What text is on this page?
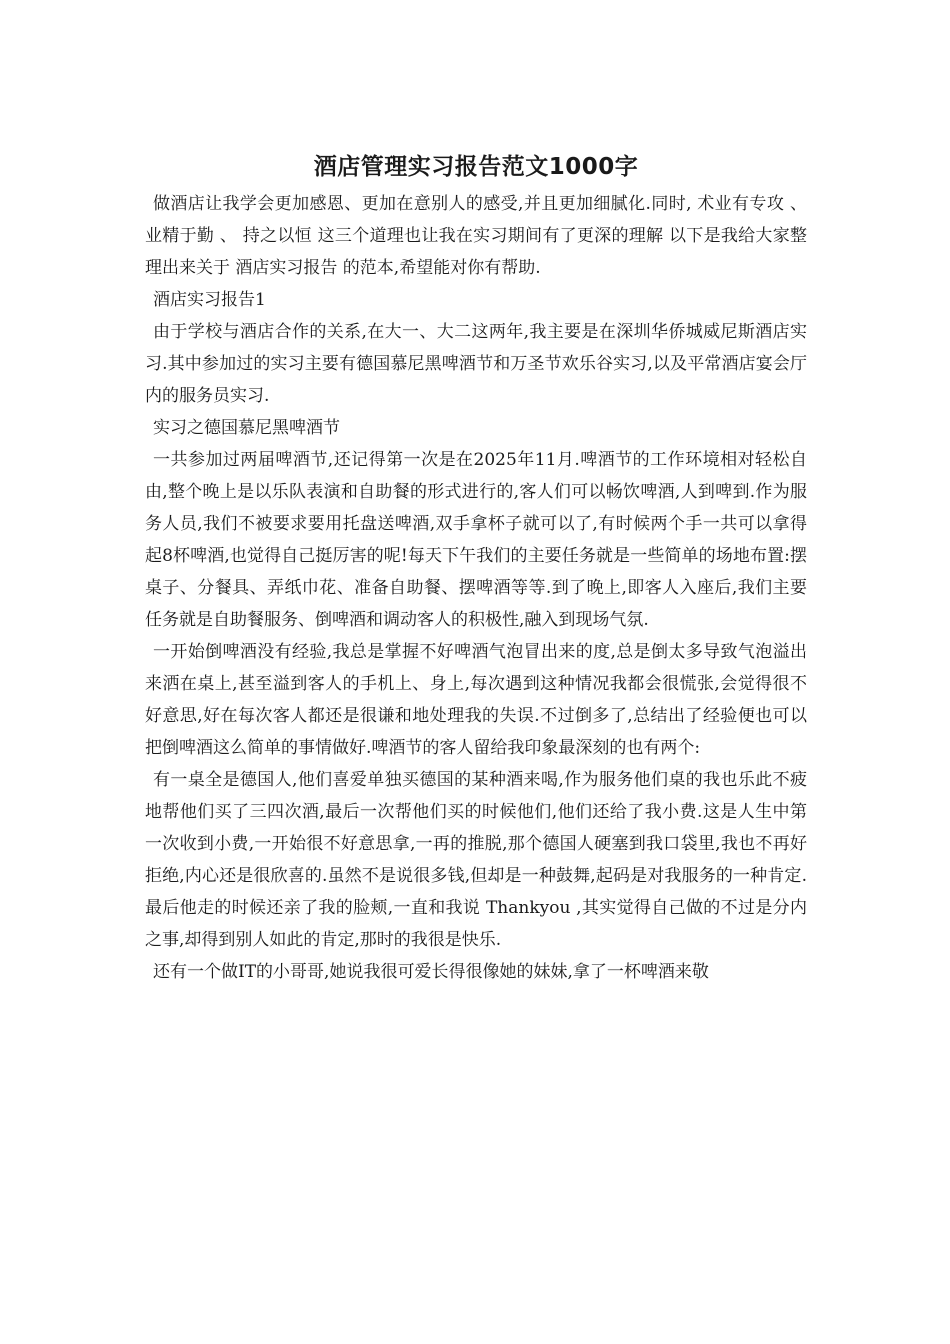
酒店管理实习报告范文1000字

做酒店让我学会更加感恩、更加在意别人的感受,并且更加细腻化.同时, 术业有专攻 、 业精于勤 、 持之以恒 这三个道理也让我在实习期间有了更深的理解 以下是我给大家整理出来关于 酒店实习报告 的范本,希望能对你有帮助.

酒店实习报告1

由于学校与酒店合作的关系,在大一、大二这两年,我主要是在深圳华侨城威尼斯酒店实习.其中参加过的实习主要有德国慕尼黑啤酒节和万圣节欢乐谷实习,以及平常酒店宴会厅内的服务员实习.

实习之德国慕尼黑啤酒节

一共参加过两届啤酒节,还记得第一次是在2025年11月.啤酒节的工作环境相对轻松自由,整个晚上是以乐队表演和自助餐的形式进行的,客人们可以畅饮啤酒,人到啤到.作为服务人员,我们不被要求要用托盘送啤酒,双手拿杯子就可以了,有时候两个手一共可以拿得起8杯啤酒,也觉得自己挺厉害的呢!每天下午我们的主要任务就是一些简单的场地布置:摆桌子、分餐具、弄纸巾花、准备自助餐、摆啤酒等等.到了晚上,即客人入座后,我们主要任务就是自助餐服务、倒啤酒和调动客人的积极性,融入到现场气氛.

一开始倒啤酒没有经验,我总是掌握不好啤酒气泡冒出来的度,总是倒太多导致气泡溢出来洒在桌上,甚至溢到客人的手机上、身上,每次遇到这种情况我都会很慌张,会觉得很不好意思,好在每次客人都还是很谦和地处理我的失误.不过倒多了,总结出了经验便也可以把倒啤酒这么简单的事情做好.啤酒节的客人留给我印象最深刻的也有两个:

有一桌全是德国人,他们喜爱单独买德国的某种酒来喝,作为服务他们桌的我也乐此不疲地帮他们买了三四次酒,最后一次帮他们买的时候他们,他们还给了我小费.这是人生中第一次收到小费,一开始很不好意思拿,一再的推脱,那个德国人硬塞到我口袋里,我也不再好拒绝,内心还是很欣喜的.虽然不是说很多钱,但却是一种鼓舞,起码是对我服务的一种肯定.最后他走的时候还亲了我的脸颊,一直和我说 Thankyou ,其实觉得自己做的不过是分内之事,却得到别人如此的肯定,那时的我很是快乐.

还有一个做IT的小哥哥,她说我很可爱长得很像她的妹妹,拿了一杯啤酒来敬
